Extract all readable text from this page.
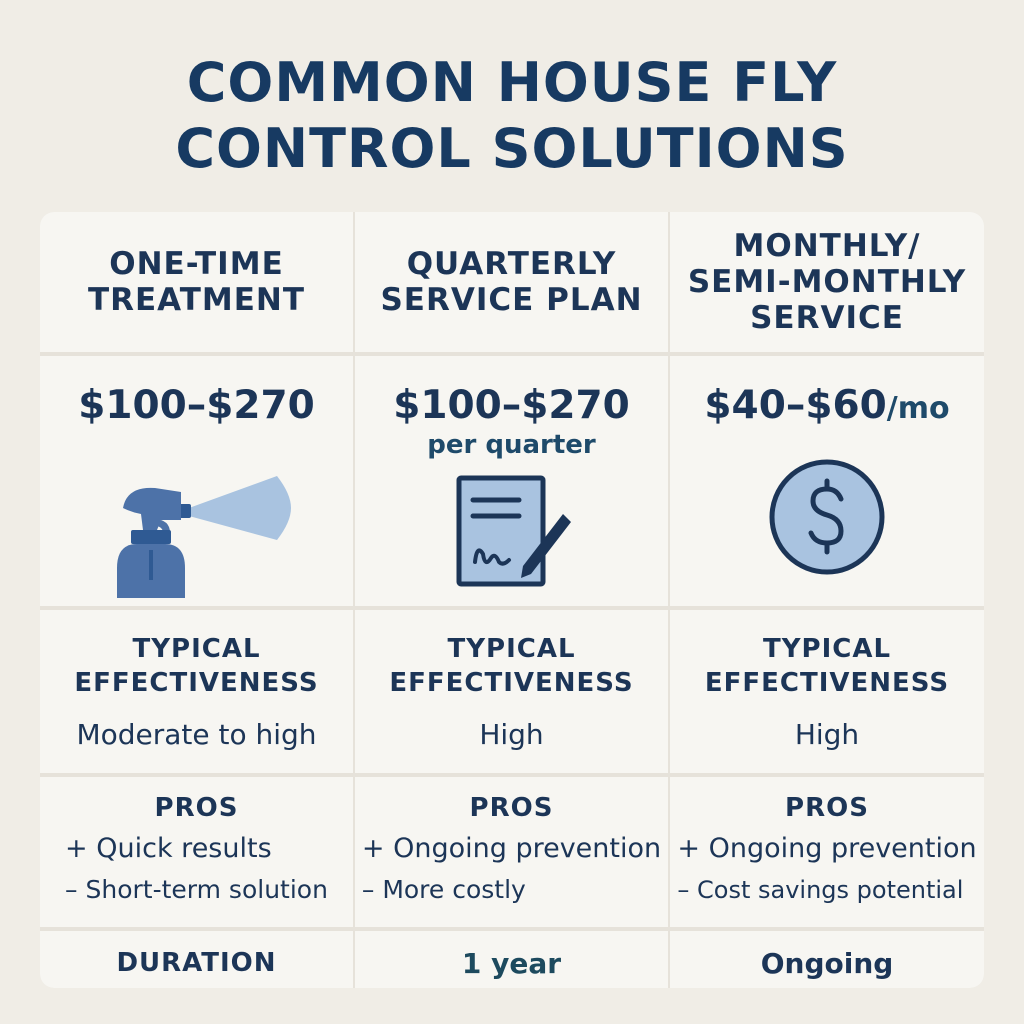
COMMON HOUSE FLY
CONTROL SOLUTIONS
ONE-TIME
TREATMENT
QUARTERLY
SERVICE PLAN
MONTHLY/
SEMI-MONTHLY
SERVICE
$100–$270 $100–$270
per quarter
$40–$60/mo
TYPICAL
EFFECTIVENESS
Moderate to high
TYPICAL
EFFECTIVENESS
High
TYPICAL
EFFECTIVENESS
High
PROS
+ Quick results
– Short-term solution
PROS
+ Ongoing prevention
– More costly
PROS
+ Ongoing prevention
– Cost savings potential
DURATION	1 year	Ongoing
